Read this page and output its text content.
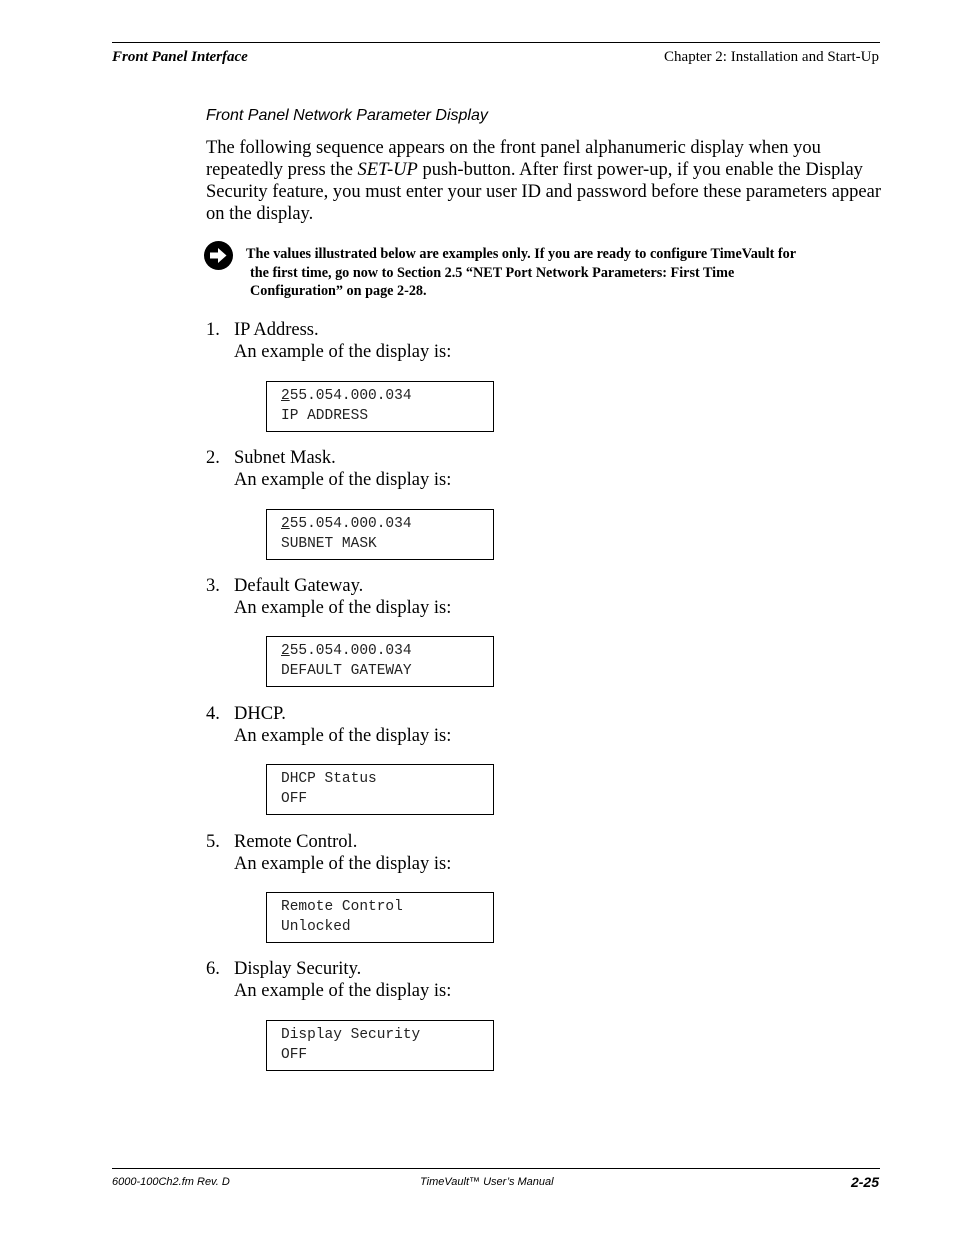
Front Panel Interface	Chapter 2: Installation and Start-Up
Front Panel Network Parameter Display
The following sequence appears on the front panel alphanumeric display when you repeatedly press the SET-UP push-button. After first power-up, if you enable the Display Security feature, you must enter your user ID and password before these parameters appear on the display.
The values illustrated below are examples only. If you are ready to configure TimeVault for
the first time, go now to Section 2.5 “NET Port Network Parameters: First Time
Configuration” on page 2-28.
1. IP Address.
An example of the display is:
255.054.000.034
IP ADDRESS
2. Subnet Mask.
An example of the display is:
255.054.000.034
SUBNET MASK
3. Default Gateway.
An example of the display is:
255.054.000.034
DEFAULT GATEWAY
4. DHCP.
An example of the display is:
DHCP Status
OFF
5. Remote Control.
An example of the display is:
Remote Control
Unlocked
6. Display Security.
An example of the display is:
Display Security
OFF
6000-100Ch2.fm Rev. D	TimeVault™ User’s Manual	2-25
